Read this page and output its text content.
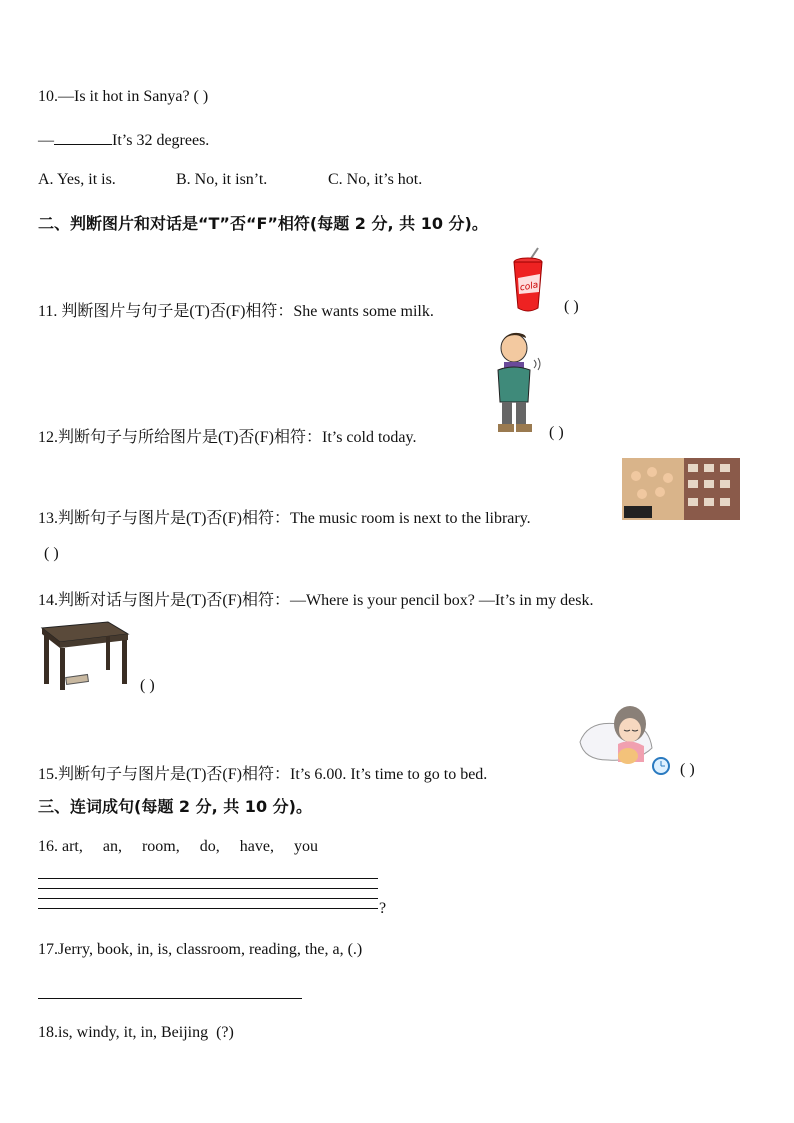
10.—Is it hot in Sanya? ( )
—	It’s 32 degrees.
A. Yes, it is.	B. No, it isn’t.	C. No, it’s hot.
二、判断图片和对话是“T”否“F”相符(每题 2 分, 共 10 分)。
11. 判断图片与句子是(T)否(F)相符：She wants some milk.
cola
( )
12.判断句子与所给图片是(T)否(F)相符：It’s cold today.	( )
13.判断句子与图片是(T)否(F)相符：The music room is next to the library.
( )
14.判断对话与图片是(T)否(F)相符：—Where is your pencil box? —It’s in my desk.
( )
15.判断句子与图片是(T)否(F)相符：It’s 6.00. It’s time to go to bed.	( )
三、连词成句(每题 2 分, 共 10 分)。
16. art,     an,     room,     do,     have,     you
?
17.Jerry, book, in, is, classroom, reading, the, a, (.)
18.is, windy, it, in, Beijing  (?)
